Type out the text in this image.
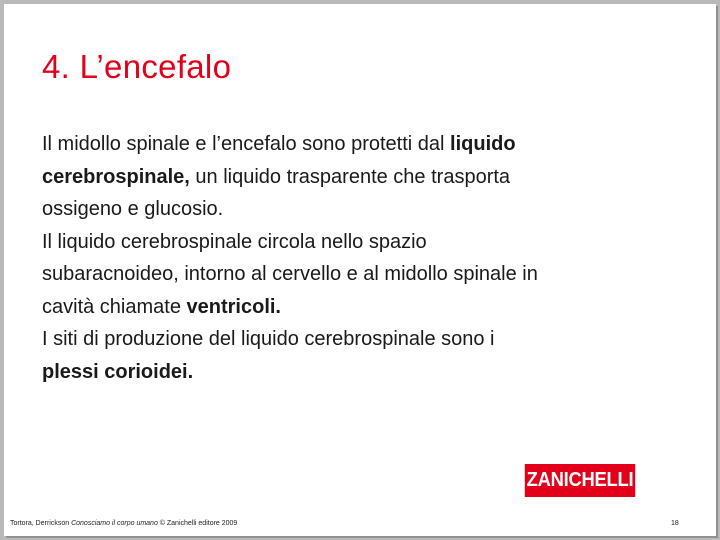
4. L’encefalo

Il midollo spinale e l’encefalo sono protetti dal liquido
cerebrospinale, un liquido trasparente che trasporta
ossigeno e glucosio.

Il liquido cerebrospinale circola nello spazio
subaracnoideo, intorno al cervello e al midollo spinale in
cavità chiamate ventricoli.

I siti di produzione del liquido cerebrospinale sono i
plessi corioidei.

ZANICHELLI
Tortora, Derrickson Conosciamo il corpo umano © Zanichelli editore 2009	18
